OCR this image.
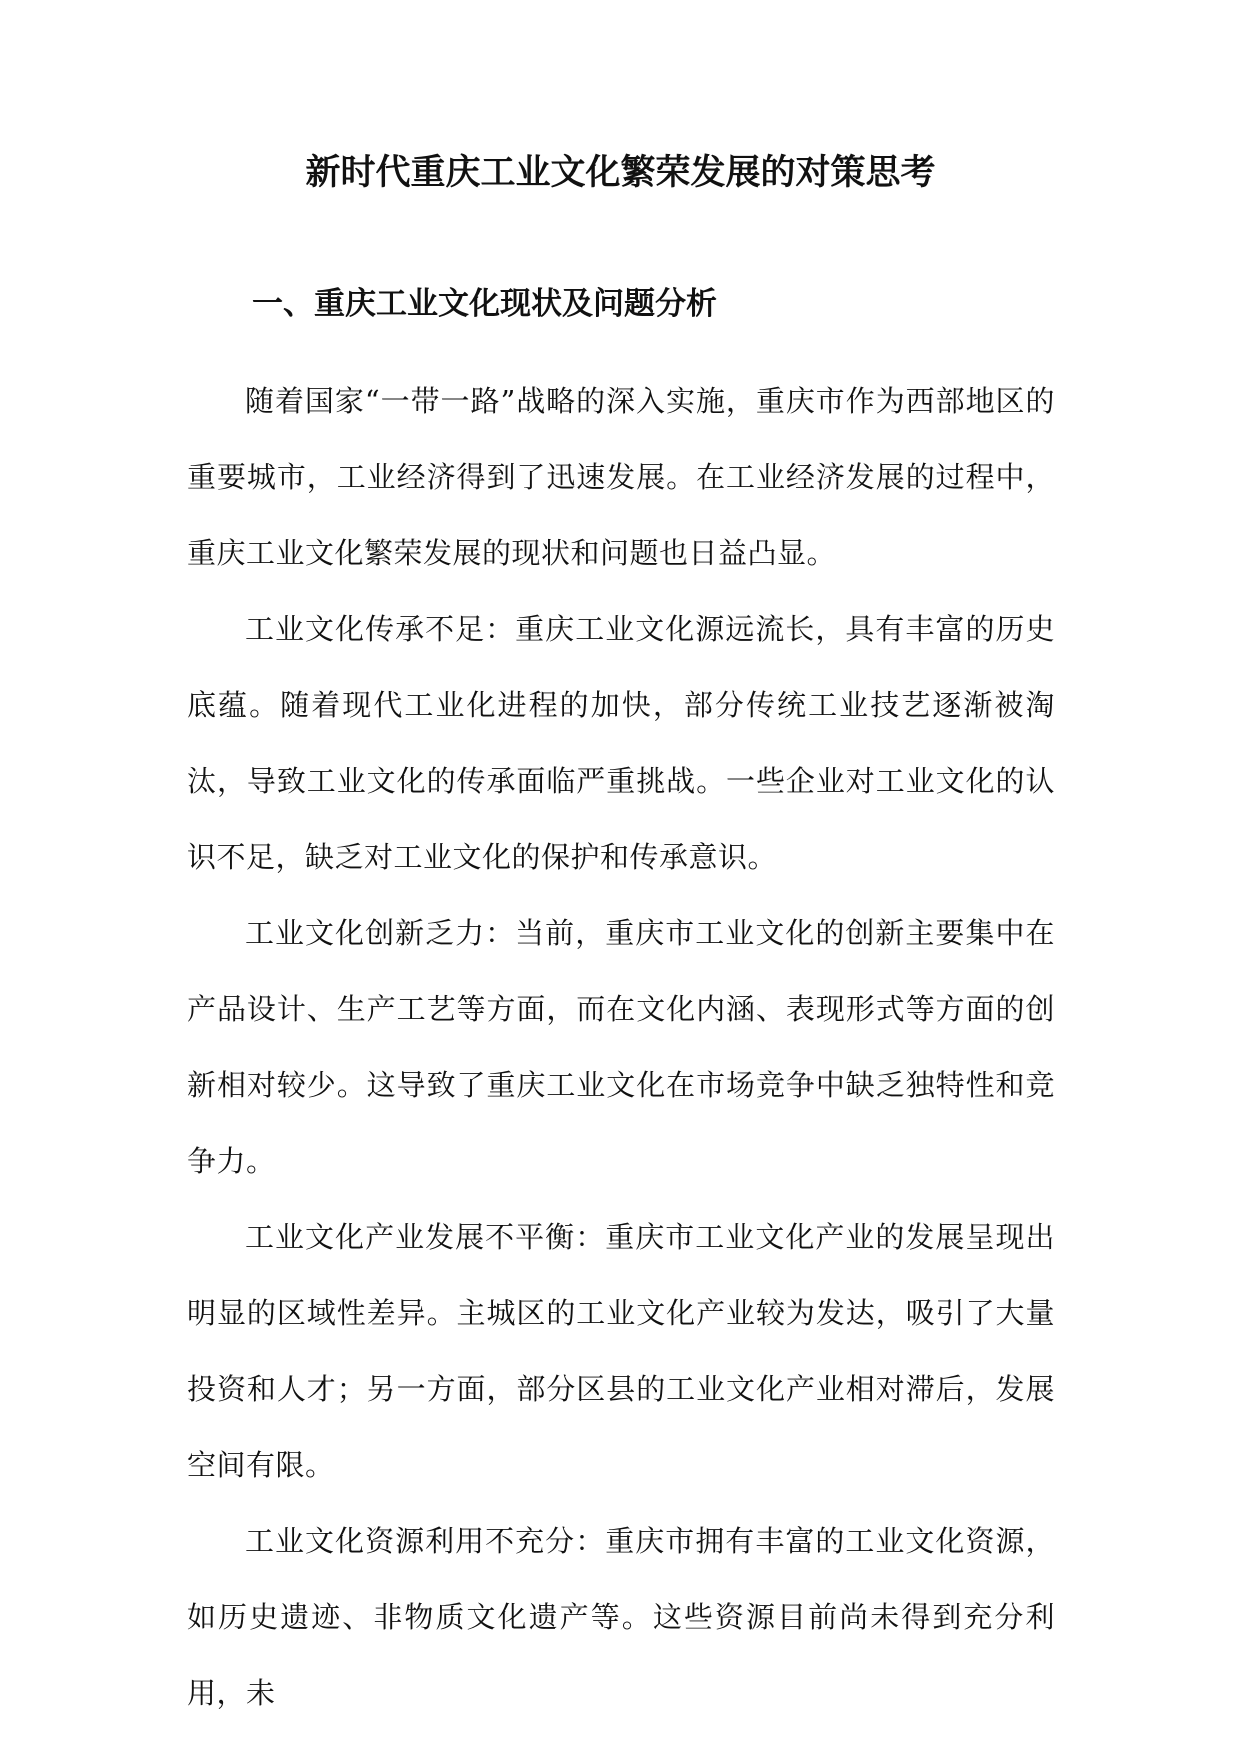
新时代重庆工业文化繁荣发展的对策思考
一、重庆工业文化现状及问题分析

随着国家“一带一路”战略的深入实施，重庆市作为西部地区的重要城市，工业经济得到了迅速发展。在工业经济发展的过程中，重庆工业文化繁荣发展的现状和问题也日益凸显。

工业文化传承不足：重庆工业文化源远流长，具有丰富的历史底蕴。随着现代工业化进程的加快，部分传统工业技艺逐渐被淘汰，导致工业文化的传承面临严重挑战。一些企业对工业文化的认识不足，缺乏对工业文化的保护和传承意识。

工业文化创新乏力：当前，重庆市工业文化的创新主要集中在产品设计、生产工艺等方面，而在文化内涵、表现形式等方面的创新相对较少。这导致了重庆工业文化在市场竞争中缺乏独特性和竞争力。

工业文化产业发展不平衡：重庆市工业文化产业的发展呈现出明显的区域性差异。主城区的工业文化产业较为发达，吸引了大量投资和人才；另一方面，部分区县的工业文化产业相对滞后，发展空间有限。

工业文化资源利用不充分：重庆市拥有丰富的工业文化资源，如历史遗迹、非物质文化遗产等。这些资源目前尚未得到充分利用，未
